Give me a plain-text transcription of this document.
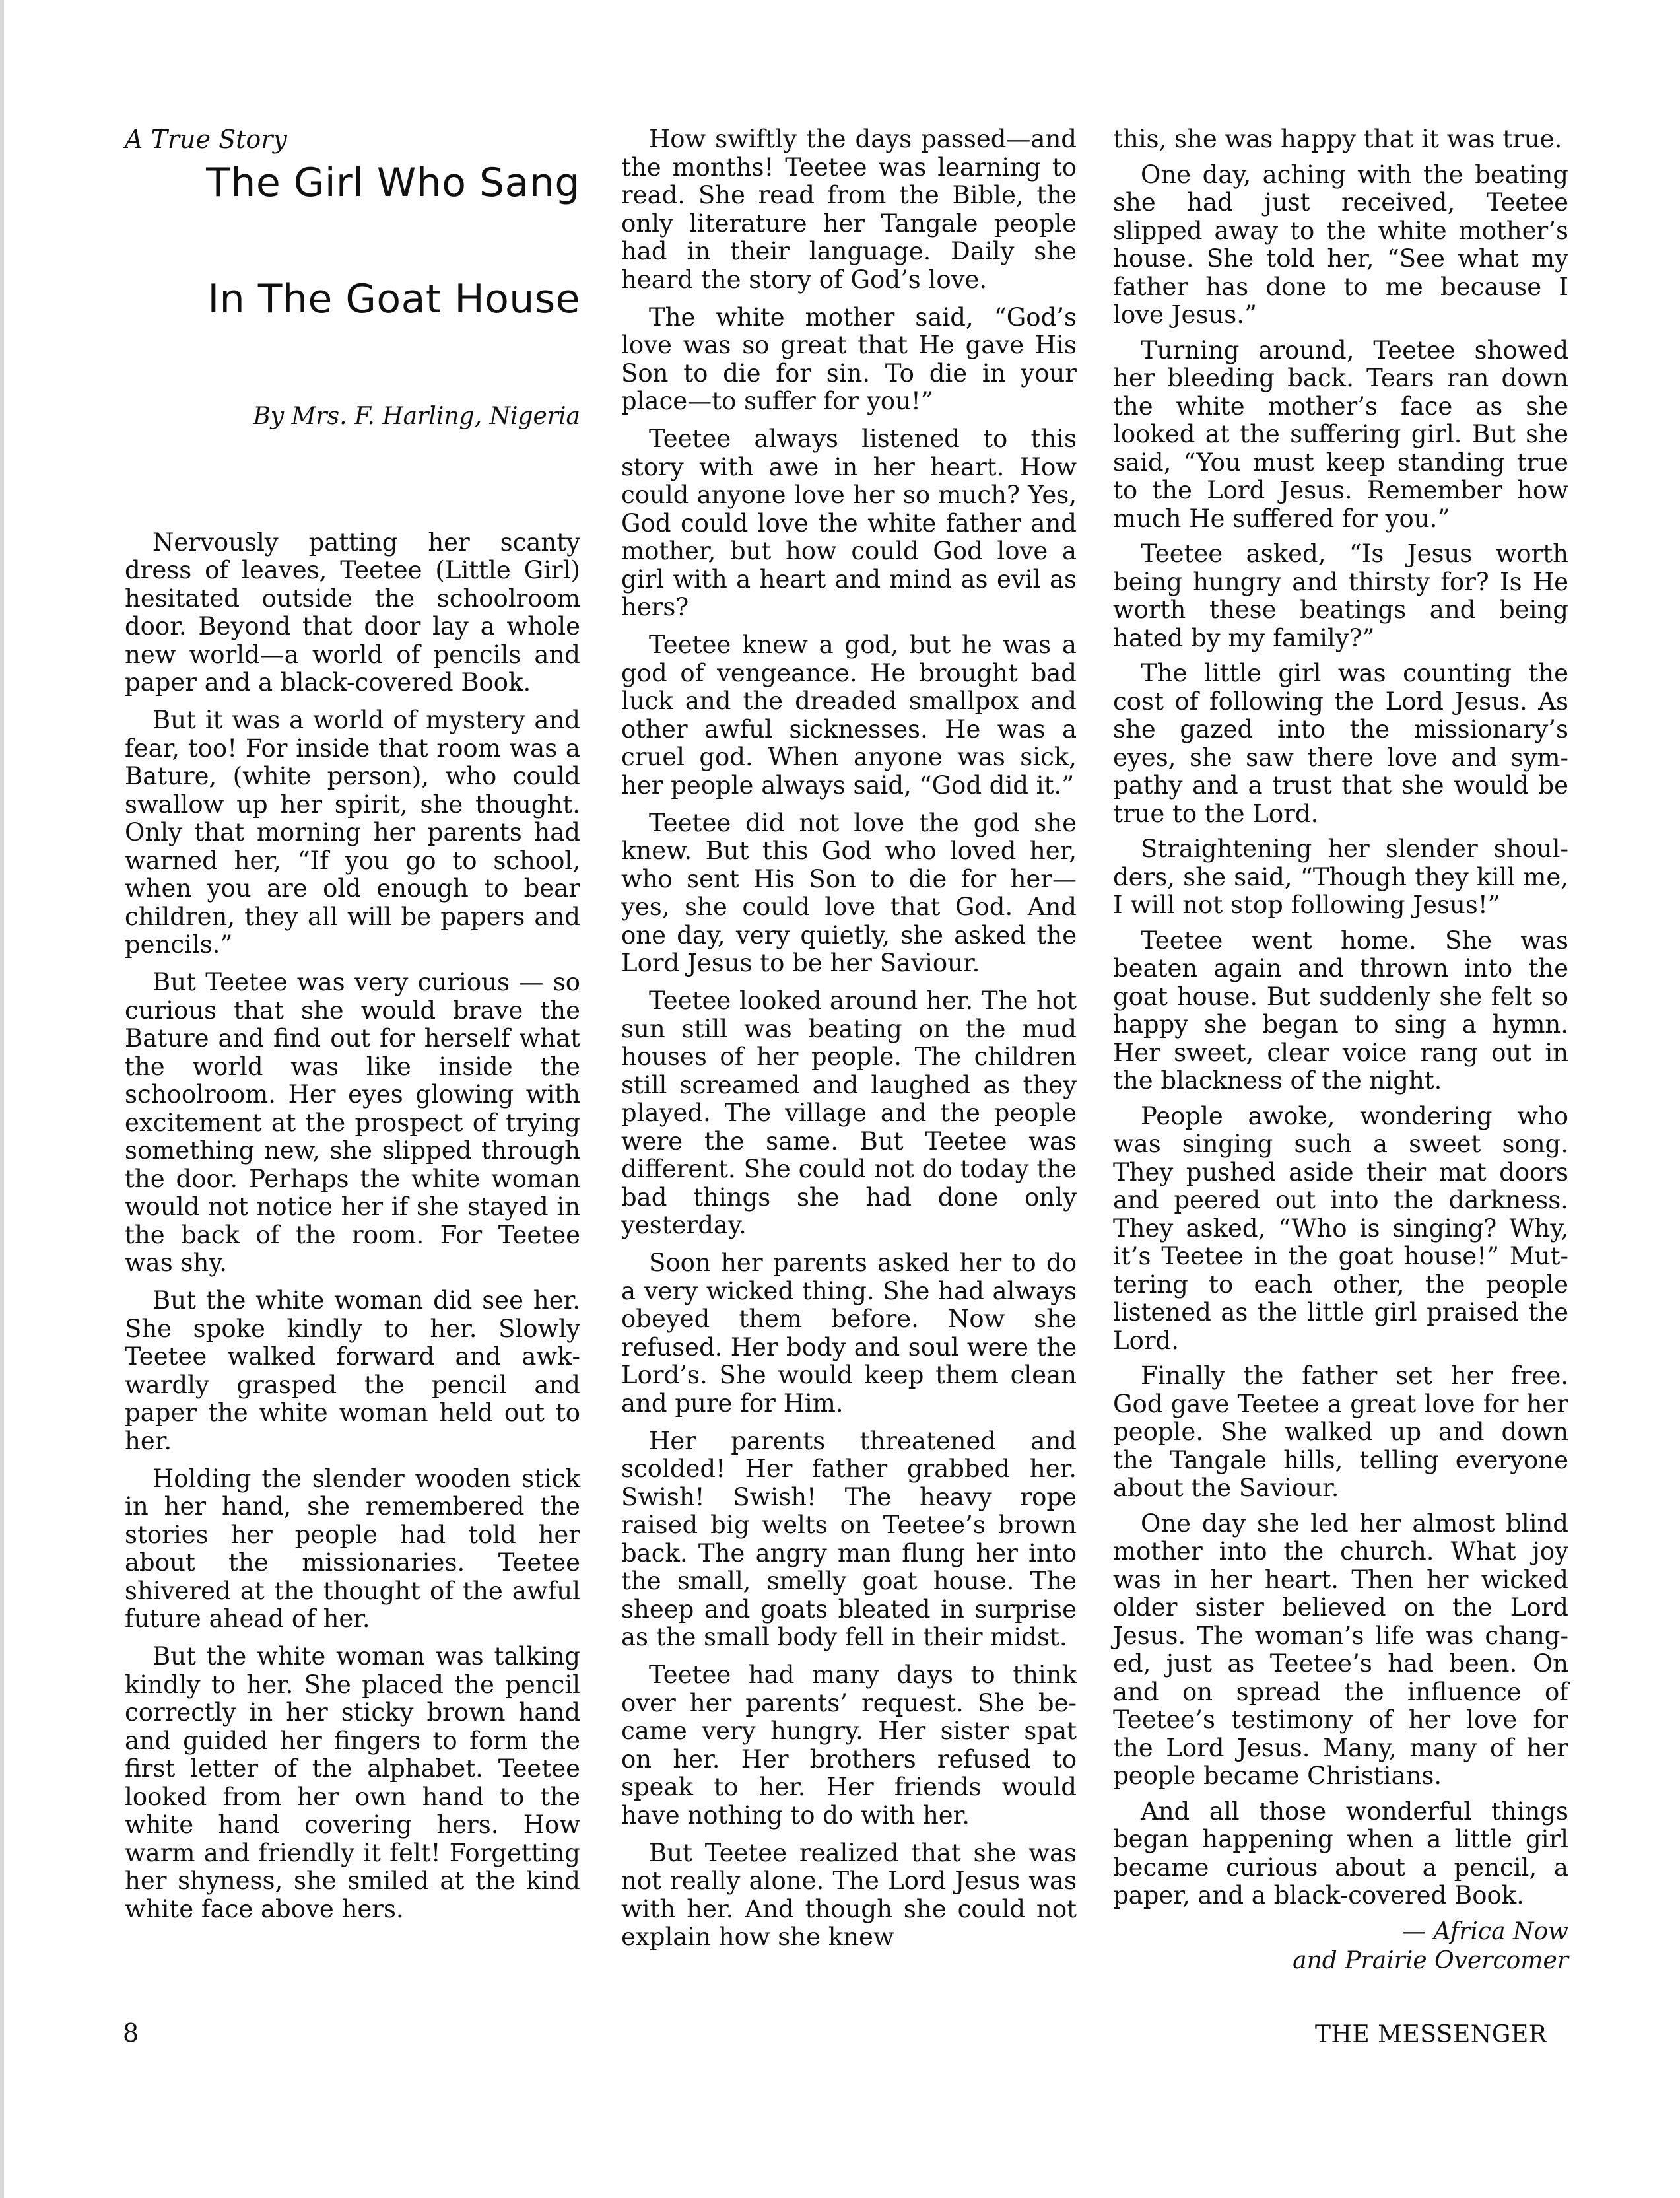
A True Story

The Girl Who Sang
In The Goat House

By Mrs. F. Harling, Nigeria

Nervously patting her scanty dress of leaves, Teetee (Little Girl) hesitated outside the schoolroom door. Beyond that door lay a whole new world—a world of pencils and paper and a black-covered Book.

But it was a world of mystery and fear, too! For inside that room was a Bature, (white person), who could swallow up her spirit, she thought. Only that morning her parents had warned her, “If you go to school, when you are old enough to bear children, they all will be papers and pencils.”

But Teetee was very curious — so curious that she would brave the Bature and find out for herself what the world was like inside the schoolroom. Her eyes glowing with excitement at the prospect of trying something new, she slipped through the door. Perhaps the white woman would not notice her if she stayed in the back of the room. For Teetee was shy.

But the white woman did see her. She spoke kindly to her. Slowly Teetee walked forward and awkwardly grasped the pencil and paper the white woman held out to her.

Holding the slender wooden stick in her hand, she remembered the stories her people had told her about the missionaries. Teetee shivered at the thought of the awful future ahead of her.

But the white woman was talking kindly to her. She placed the pencil correctly in her sticky brown hand and guided her fingers to form the first letter of the alphabet. Teetee looked from her own hand to the white hand covering hers. How warm and friendly it felt! Forgetting her shyness, she smiled at the kind white face above hers.

How swiftly the days passed—and the months! Teetee was learning to read. She read from the Bible, the only literature her Tangale people had in their language. Daily she heard the story of God’s love.

The white mother said, “God’s love was so great that He gave His Son to die for sin. To die in your place—to suffer for you!”

Teetee always listened to this story with awe in her heart. How could anyone love her so much? Yes, God could love the white father and mother, but how could God love a girl with a heart and mind as evil as hers?

Teetee knew a god, but he was a god of vengeance. He brought bad luck and the dreaded smallpox and other awful sicknesses. He was a cruel god. When anyone was sick, her people always said, “God did it.”

Teetee did not love the god she knew. But this God who loved her, who sent His Son to die for her—yes, she could love that God. And one day, very quietly, she asked the Lord Jesus to be her Saviour.

Teetee looked around her. The hot sun still was beating on the mud houses of her people. The children still screamed and laughed as they played. The village and the people were the same. But Teetee was different. She could not do today the bad things she had done only yesterday.

Soon her parents asked her to do a very wicked thing. She had always obeyed them before. Now she refused. Her body and soul were the Lord’s. She would keep them clean and pure for Him.

Her parents threatened and scolded! Her father grabbed her. Swish! Swish! The heavy rope raised big welts on Teetee’s brown back. The angry man flung her into the small, smelly goat house. The sheep and goats bleated in surprise as the small body fell in their midst.

Teetee had many days to think over her parents’ request. She became very hungry. Her sister spat on her. Her brothers refused to speak to her. Her friends would have nothing to do with her.

But Teetee realized that she was not really alone. The Lord Jesus was with her. And though she could not explain how she knew

this, she was happy that it was true.

One day, aching with the beating she had just received, Teetee slipped away to the white mother’s house. She told her, “See what my father has done to me because I love Jesus.”

Turning around, Teetee showed her bleeding back. Tears ran down the white mother’s face as she looked at the suffering girl. But she said, “You must keep standing true to the Lord Jesus. Remember how much He suffered for you.”

Teetee asked, “Is Jesus worth being hungry and thirsty for? Is He worth these beatings and being hated by my family?”

The little girl was counting the cost of following the Lord Jesus. As she gazed into the missionary’s eyes, she saw there love and sympathy and a trust that she would be true to the Lord.

Straightening her slender shoulders, she said, “Though they kill me, I will not stop following Jesus!”

Teetee went home. She was beaten again and thrown into the goat house. But suddenly she felt so happy she began to sing a hymn. Her sweet, clear voice rang out in the blackness of the night.

People awoke, wondering who was singing such a sweet song. They pushed aside their mat doors and peered out into the darkness. They asked, “Who is singing? Why, it’s Teetee in the goat house!” Muttering to each other, the people listened as the little girl praised the Lord.

Finally the father set her free. God gave Teetee a great love for her people. She walked up and down the Tangale hills, telling everyone about the Saviour.

One day she led her almost blind mother into the church. What joy was in her heart. Then her wicked older sister believed on the Lord Jesus. The woman’s life was changed, just as Teetee’s had been. On and on spread the influence of Teetee’s testimony of her love for the Lord Jesus. Many, many of her people became Christians.

And all those wonderful things began happening when a little girl became curious about a pencil, a paper, and a black-covered Book.

— Africa Now

and Prairie Overcomer

8	THE MESSENGER
